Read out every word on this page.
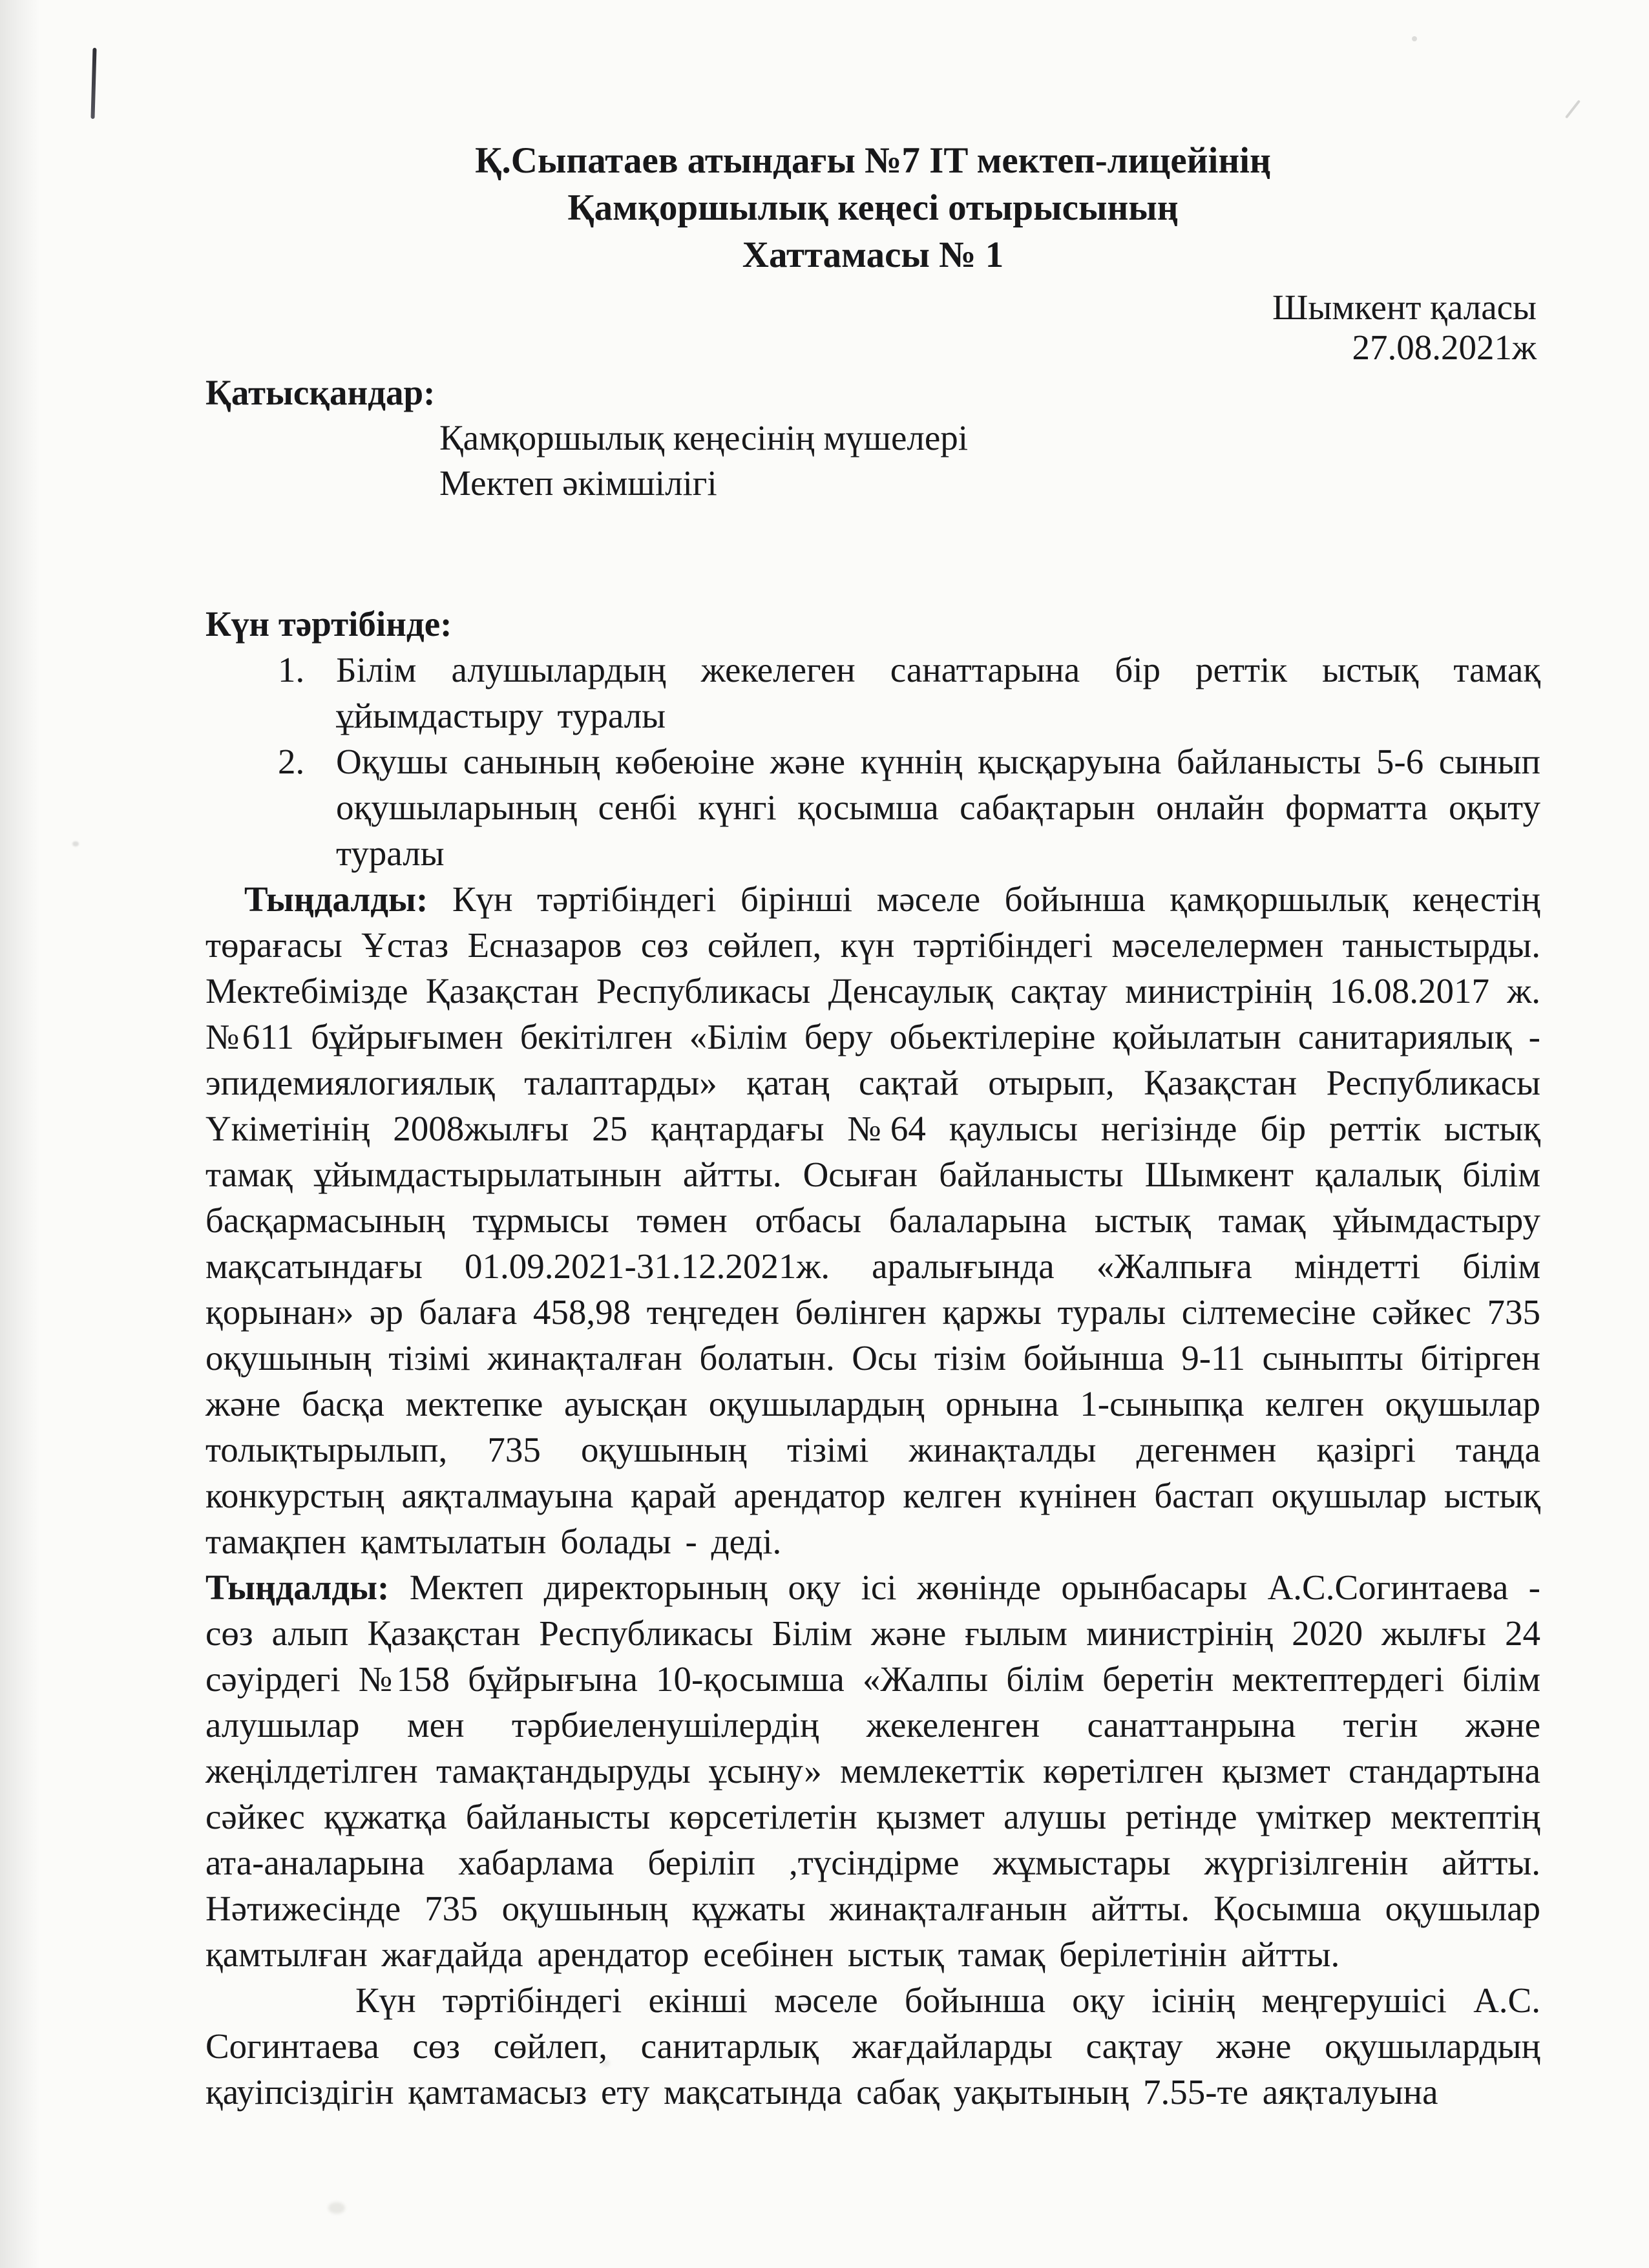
Қ.Сыпатаев атындағы №7 IT мектеп-лицейінің
Қамқоршылық кеңесі отырысының
Хаттамасы № 1
Шымкент қаласы
27.08.2021ж
Қатысқандар:
Қамқоршылық кеңесінің мүшелері
Мектеп әкімшілігі
Күн тәртібінде:
1. Білім алушылардың жекелеген санаттарына бір реттік ыстық тамақ ұйымдастыру туралы
2. Оқушы санының көбеюіне және күннің қысқаруына байланысты 5-6 сынып оқушыларының сенбі күнгі қосымша сабақтарын онлайн форматта оқыту туралы

Тыңдалды: Күн тәртібіндегі бірінші мәселе бойынша қамқоршылық кеңестің төрағасы Ұстаз Есназаров сөз сөйлеп, күн тәртібіндегі мәселелермен таныстырды. Мектебімізде Қазақстан Республикасы Денсаулық сақтау министрінің 16.08.2017 ж. №611 бұйрығымен бекітілген «Білім беру обьектілеріне қойылатын санитариялық - эпидемиялогиялық талаптарды» қатаң сақтай отырып, Қазақстан Республикасы Үкіметінің 2008жылғы 25 қаңтардағы №64 қаулысы негізінде бір реттік ыстық тамақ ұйымдастырылатынын айтты. Осыған байланысты Шымкент қалалық білім басқармасының тұрмысы төмен отбасы балаларына ыстық тамақ ұйымдастыру мақсатындағы 01.09.2021-31.12.2021ж. аралығында «Жалпыға міндетті білім қорынан» әр балаға 458,98 теңгеден бөлінген қаржы туралы сілтемесіне сәйкес 735 оқушының тізімі жинақталған болатын. Осы тізім бойынша 9-11 сыныпты бітірген және басқа мектепке ауысқан оқушылардың орнына 1-сыныпқа келген оқушылар толықтырылып, 735 оқушының тізімі жинақталды дегенмен қазіргі таңда конкурстың аяқталмауына қарай арендатор келген күнінен бастап оқушылар ыстық тамақпен қамтылатын болады - деді.

Тыңдалды: Мектеп директорының оқу ісі жөнінде орынбасары А.С.Согинтаева - сөз алып Қазақстан Республикасы Білім және ғылым министрінің 2020 жылғы 24 сәуірдегі №158 бұйрығына 10-қосымша «Жалпы білім беретін мектептердегі білім алушылар мен тәрбиеленушілердің жекеленген санаттанрына тегін және жеңілдетілген тамақтандыруды ұсыну» мемлекеттік көретілген қызмет стандартына сәйкес құжатқа байланысты көрсетілетін қызмет алушы ретінде үміткер мектептің ата-аналарына хабарлама беріліп ,түсіндірме жұмыстары жүргізілгенін айтты. Нәтижесінде 735 оқушының құжаты жинақталғанын айтты. Қосымша оқушылар қамтылған жағдайда арендатор есебінен ыстық тамақ берілетінін айтты.

Күн тәртібіндегі екінші мәселе бойынша оқу ісінің меңгерушісі А.С. Согинтаева сөз сөйлеп, санитарлық жағдайларды сақтау және оқушылардың қауіпсіздігін қамтамасыз ету мақсатында сабақ уақытының 7.55-те аяқталуына
